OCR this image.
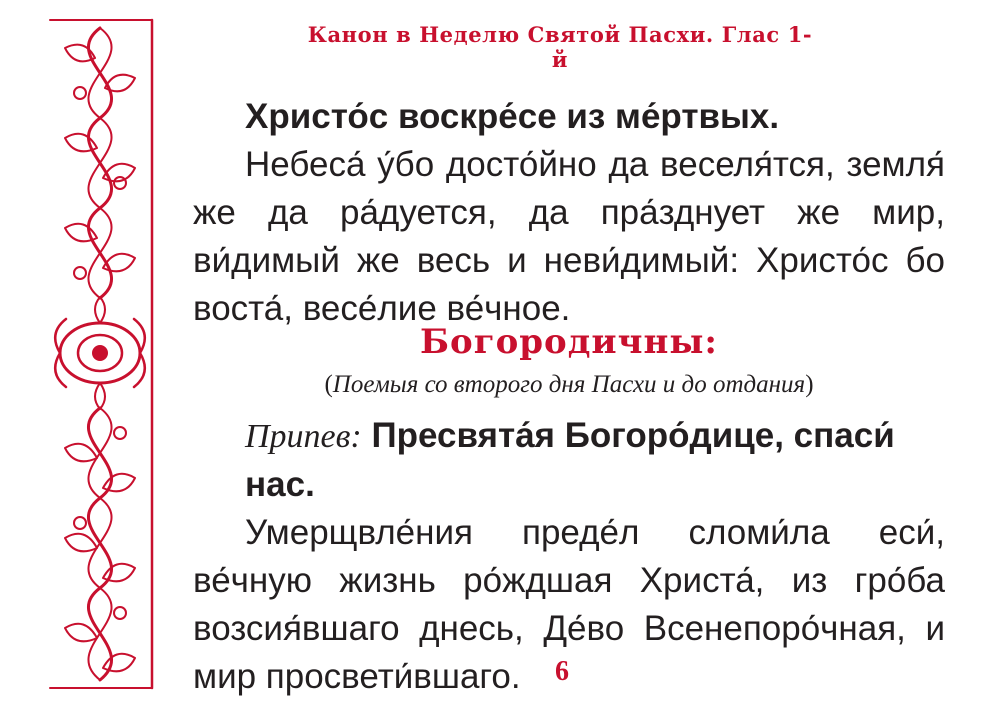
Канон в Неделю Святой Пасхи. Глас 1-й
Христо́с воскре́се из ме́ртвых.
Небеса́ у́бо досто́йно да веселя́тся, земля́ же да ра́дуется, да пра́зднует же мир, ви́димый же весь и неви́димый: Христо́с бо воста́, весе́лие ве́чное.
Богородичны:
(Поемыя со второго дня Пасхи и до отдания)
Припев: Пресвята́я Богоро́дице, спаси́ нас.
Умерщвле́ния преде́л сломи́ла еси́, ве́чную жизнь ро́ждшая Христа́, из гро́ба возсия́вшаго днесь, Де́во Всенепоро́чная, и мир просвети́вшаго.	6
